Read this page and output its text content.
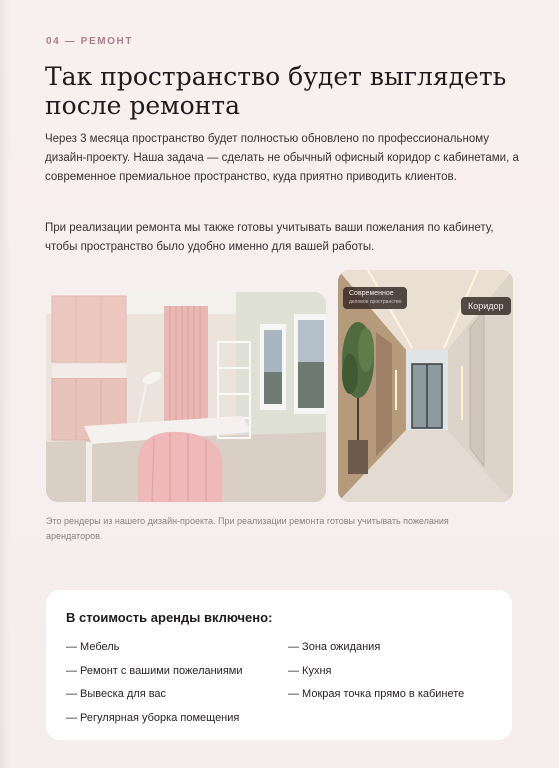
04 — РЕМОНТ
Так пространство будет выглядеть после ремонта

Через 3 месяца пространство будет полностью обновлено по профессиональному дизайн-проекту. Наша задача — сделать не обычный офисный коридор с кабинетами, а современное премиальное пространство, куда приятно приводить клиентов.

При реализации ремонта мы также готовы учитывать ваши пожелания по кабинету, чтобы пространство было удобно именно для вашей работы.

Современное
деловое пространство	Коридор

Это рендеры из нашего дизайн-проекта. При реализации ремонта готовы учитывать пожелания арендаторов.

В стоимость аренды включено:
— Мебель
— Ремонт с вашими пожеланиями
— Вывеска для вас
— Регулярная уборка помещения
— Зона ожидания
— Кухня
— Мокрая точка прямо в кабинете
